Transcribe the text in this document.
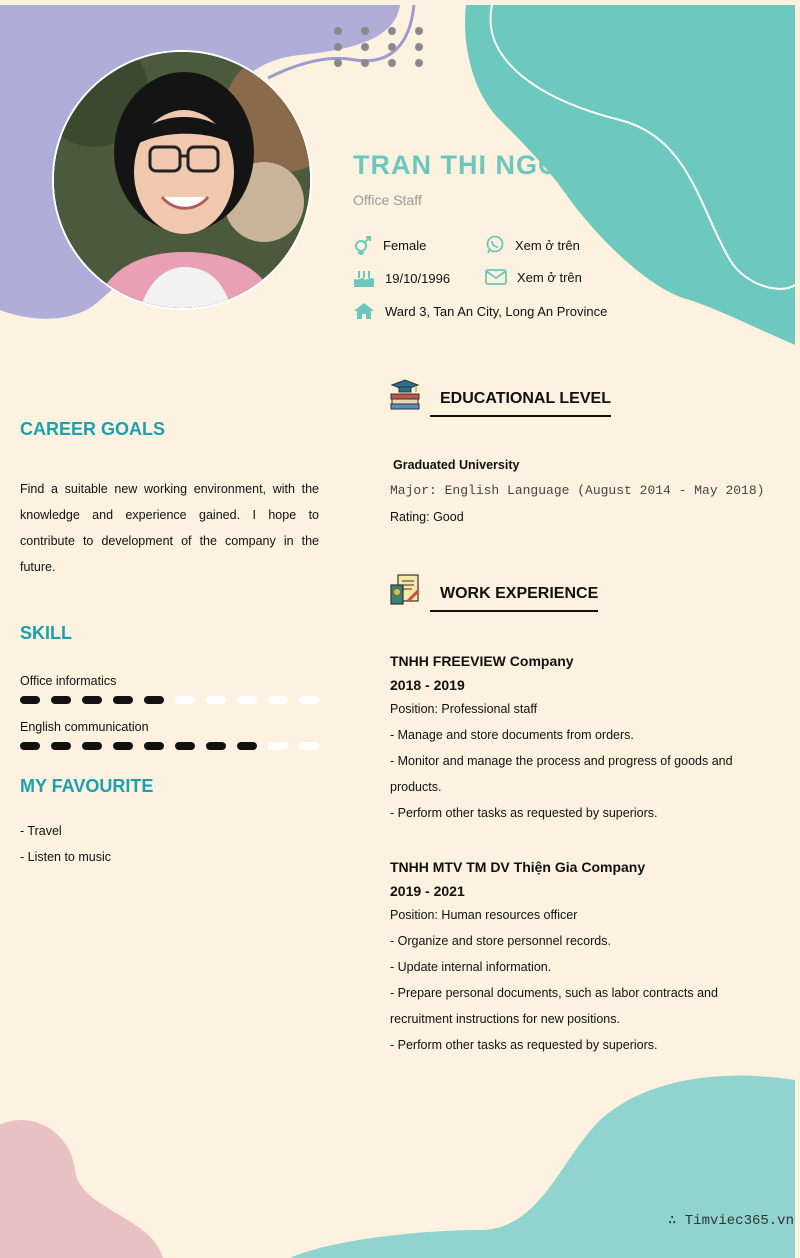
TRAN THI NGOC HAN
Office Staff
Female	Xem ở trên
19/10/1996	Xem ở trên
Ward 3, Tan An City, Long An Province
CAREER GOALS
Find a suitable new working environment, with the knowledge and experience gained. I hope to contribute to development of the company in the future.
SKILL
Office informatics
English communication
MY FAVOURITE
- Travel
- Listen to music
EDUCATIONAL LEVEL
Graduated University
Major: English Language (August 2014 - May 2018)
Rating: Good
WORK EXPERIENCE
TNHH FREEVIEW Company
2018 - 2019
Position: Professional staff
- Manage and store documents from orders.
- Monitor and manage the process and progress of goods and
products.
- Perform other tasks as requested by superiors.
TNHH MTV TM DV Thiện Gia Company
2019 - 2021
Position: Human resources officer
- Organize and store personnel records.
- Update internal information.
- Prepare personal documents, such as labor contracts and
recruitment instructions for new positions.
- Perform other tasks as requested by superiors.
∴ Timviec365.vn
